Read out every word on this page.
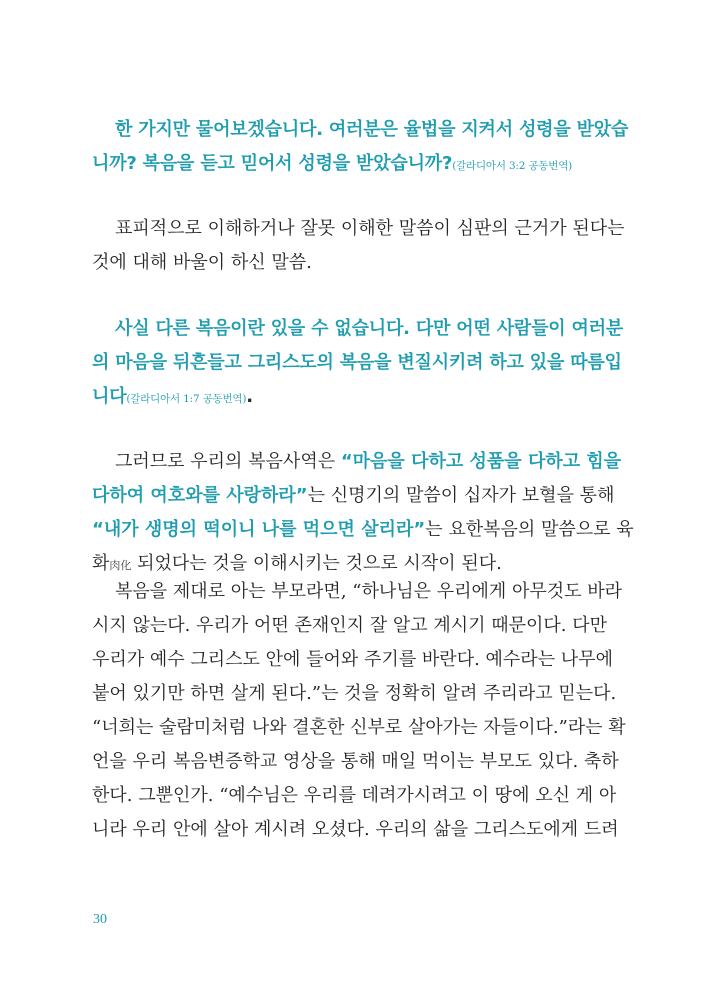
한 가지만 물어보겠습니다. 여러분은 율법을 지켜서 성령을 받았습
니까? 복음을 듣고 믿어서 성령을 받았습니까?(갈라디아서 3:2 공동번역)
표피적으로 이해하거나 잘못 이해한 말씀이 심판의 근거가 된다는
것에 대해 바울이 하신 말씀.
사실 다른 복음이란 있을 수 없습니다. 다만 어떤 사람들이 여러분
의 마음을 뒤흔들고 그리스도의 복음을 변질시키려 하고 있을 따름입
니다(갈라디아서 1:7 공동번역).
그러므로 우리의 복음사역은 “마음을 다하고 성품을 다하고 힘을
다하여 여호와를 사랑하라”는 신명기의 말씀이 십자가 보혈을 통해
“내가 생명의 떡이니 나를 먹으면 살리라”는 요한복음의 말씀으로 육
화肉化 되었다는 것을 이해시키는 것으로 시작이 된다.
복음을 제대로 아는 부모라면, “하나님은 우리에게 아무것도 바라
시지 않는다. 우리가 어떤 존재인지 잘 알고 계시기 때문이다. 다만
우리가 예수 그리스도 안에 들어와 주기를 바란다. 예수라는 나무에
붙어 있기만 하면 살게 된다.”는 것을 정확히 알려 주리라고 믿는다.
“너희는 술람미처럼 나와 결혼한 신부로 살아가는 자들이다.”라는 확
언을 우리 복음변증학교 영상을 통해 매일 먹이는 부모도 있다. 축하
한다. 그뿐인가. “예수님은 우리를 데려가시려고 이 땅에 오신 게 아
니라 우리 안에 살아 계시려 오셨다. 우리의 삶을 그리스도에게 드려
30
